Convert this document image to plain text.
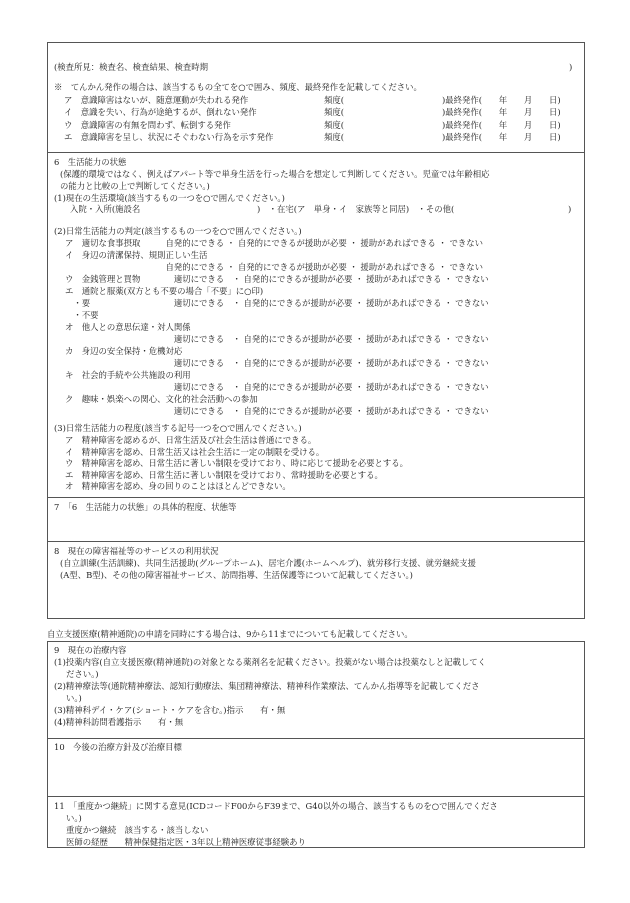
(検査所見：検査名、検査結果、検査時期	)
※　てんかん発作の場合は、該当するもの全てを○で囲み、頻度、最終発作を記載してください。
ア　意識障害はないが、随意運動が失われる発作	頻度(	)最終発作(　　年　　月　　日)
イ　意識を失い、行為が途絶するが、倒れない発作	頻度(	)最終発作(　　年　　月　　日)
ウ　意識障害の有無を問わず、転倒する発作	頻度(	)最終発作(　　年　　月　　日)
エ　意識障害を呈し、状況にそぐわない行為を示す発作	頻度(	)最終発作(　　年　　月　　日)
6　生活能力の状態
(保護的環境ではなく、例えばアパート等で単身生活を行った場合を想定して判断してください。児童では年齢相応
の能力と比較の上で判断してください。)
(1)現在の生活環境(該当するもの一つを○で囲んでください。)
入院・入所(施設名	)　・在宅(ア　単身・イ　家族等と同居)　・その他(	)
(2)日常生活能力の判定(該当するもの一つを○で囲んでください。)
ア　適切な食事摂取　　　自発的にできる ・ 自発的にできるが援助が必要 ・ 援助があればできる ・ できない
イ　身辺の清潔保持、規則正しい生活
　　　　　　　　　　　　自発的にできる ・ 自発的にできるが援助が必要 ・ 援助があればできる ・ できない
ウ　金銭管理と買物　　　　適切にできる　・ 自発的にできるが援助が必要 ・ 援助があればできる ・ できない
エ　通院と服薬(双方とも不要の場合「不要」に○印)
　・要　　　　　　　　　　適切にできる　・ 自発的にできるが援助が必要 ・ 援助があればできる ・ できない
　・不要
オ　他人との意思伝達・対人関係
　　　　　　　　　　　　　適切にできる　・ 自発的にできるが援助が必要 ・ 援助があればできる ・ できない
カ　身辺の安全保持・危機対応
　　　　　　　　　　　　　適切にできる　・ 自発的にできるが援助が必要 ・ 援助があればできる ・ できない
キ　社会的手続や公共施設の利用
　　　　　　　　　　　　　適切にできる　・ 自発的にできるが援助が必要 ・ 援助があればできる ・ できない
ク　趣味・娯楽への関心、文化的社会活動への参加
　　　　　　　　　　　　　適切にできる　・ 自発的にできるが援助が必要 ・ 援助があればできる ・ できない
(3)日常生活能力の程度(該当する記号一つを○で囲んでください。)
ア　精神障害を認めるが、日常生活及び社会生活は普通にできる。
イ　精神障害を認め、日常生活又は社会生活に一定の制限を受ける。
ウ　精神障害を認め、日常生活に著しい制限を受けており、時に応じて援助を必要とする。
エ　精神障害を認め、日常生活に著しい制限を受けており、常時援助を必要とする。
オ　精神障害を認め、身の回りのことはほとんどできない。
7　「6　生活能力の状態」の具体的程度、状態等
8　現在の障害福祉等のサービスの利用状況
(自立訓練(生活訓練)、共同生活援助(グループホーム)、居宅介護(ホームヘルプ)、就労移行支援、就労継続支援
(A型、B型)、その他の障害福祉サービス、訪問指導、生活保護等について記載してください。)
自立支援医療(精神通院)の申請を同時にする場合は、9から11までについても記載してください。
9　現在の治療内容
(1)投薬内容(自立支援医療(精神通院)の対象となる薬剤名を記載ください。投薬がない場合は投薬なしと記載してく
ださい。)
(2)精神療法等(通院精神療法、認知行動療法、集団精神療法、精神科作業療法、てんかん指導等を記載してくださ
い。)
(3)精神科デイ・ケア(ショート・ケアを含む。)指示　　有・無
(4)精神科訪問看護指示　　有・無
10　今後の治療方針及び治療目標
11　「重度かつ継続」に関する意見(ICDコードF00からF39まで、G40以外の場合、該当するものを○で囲んでくださ
い。)
重度かつ継続　該当する・該当しない
医師の経歴　　精神保健指定医・3年以上精神医療従事経験あり
